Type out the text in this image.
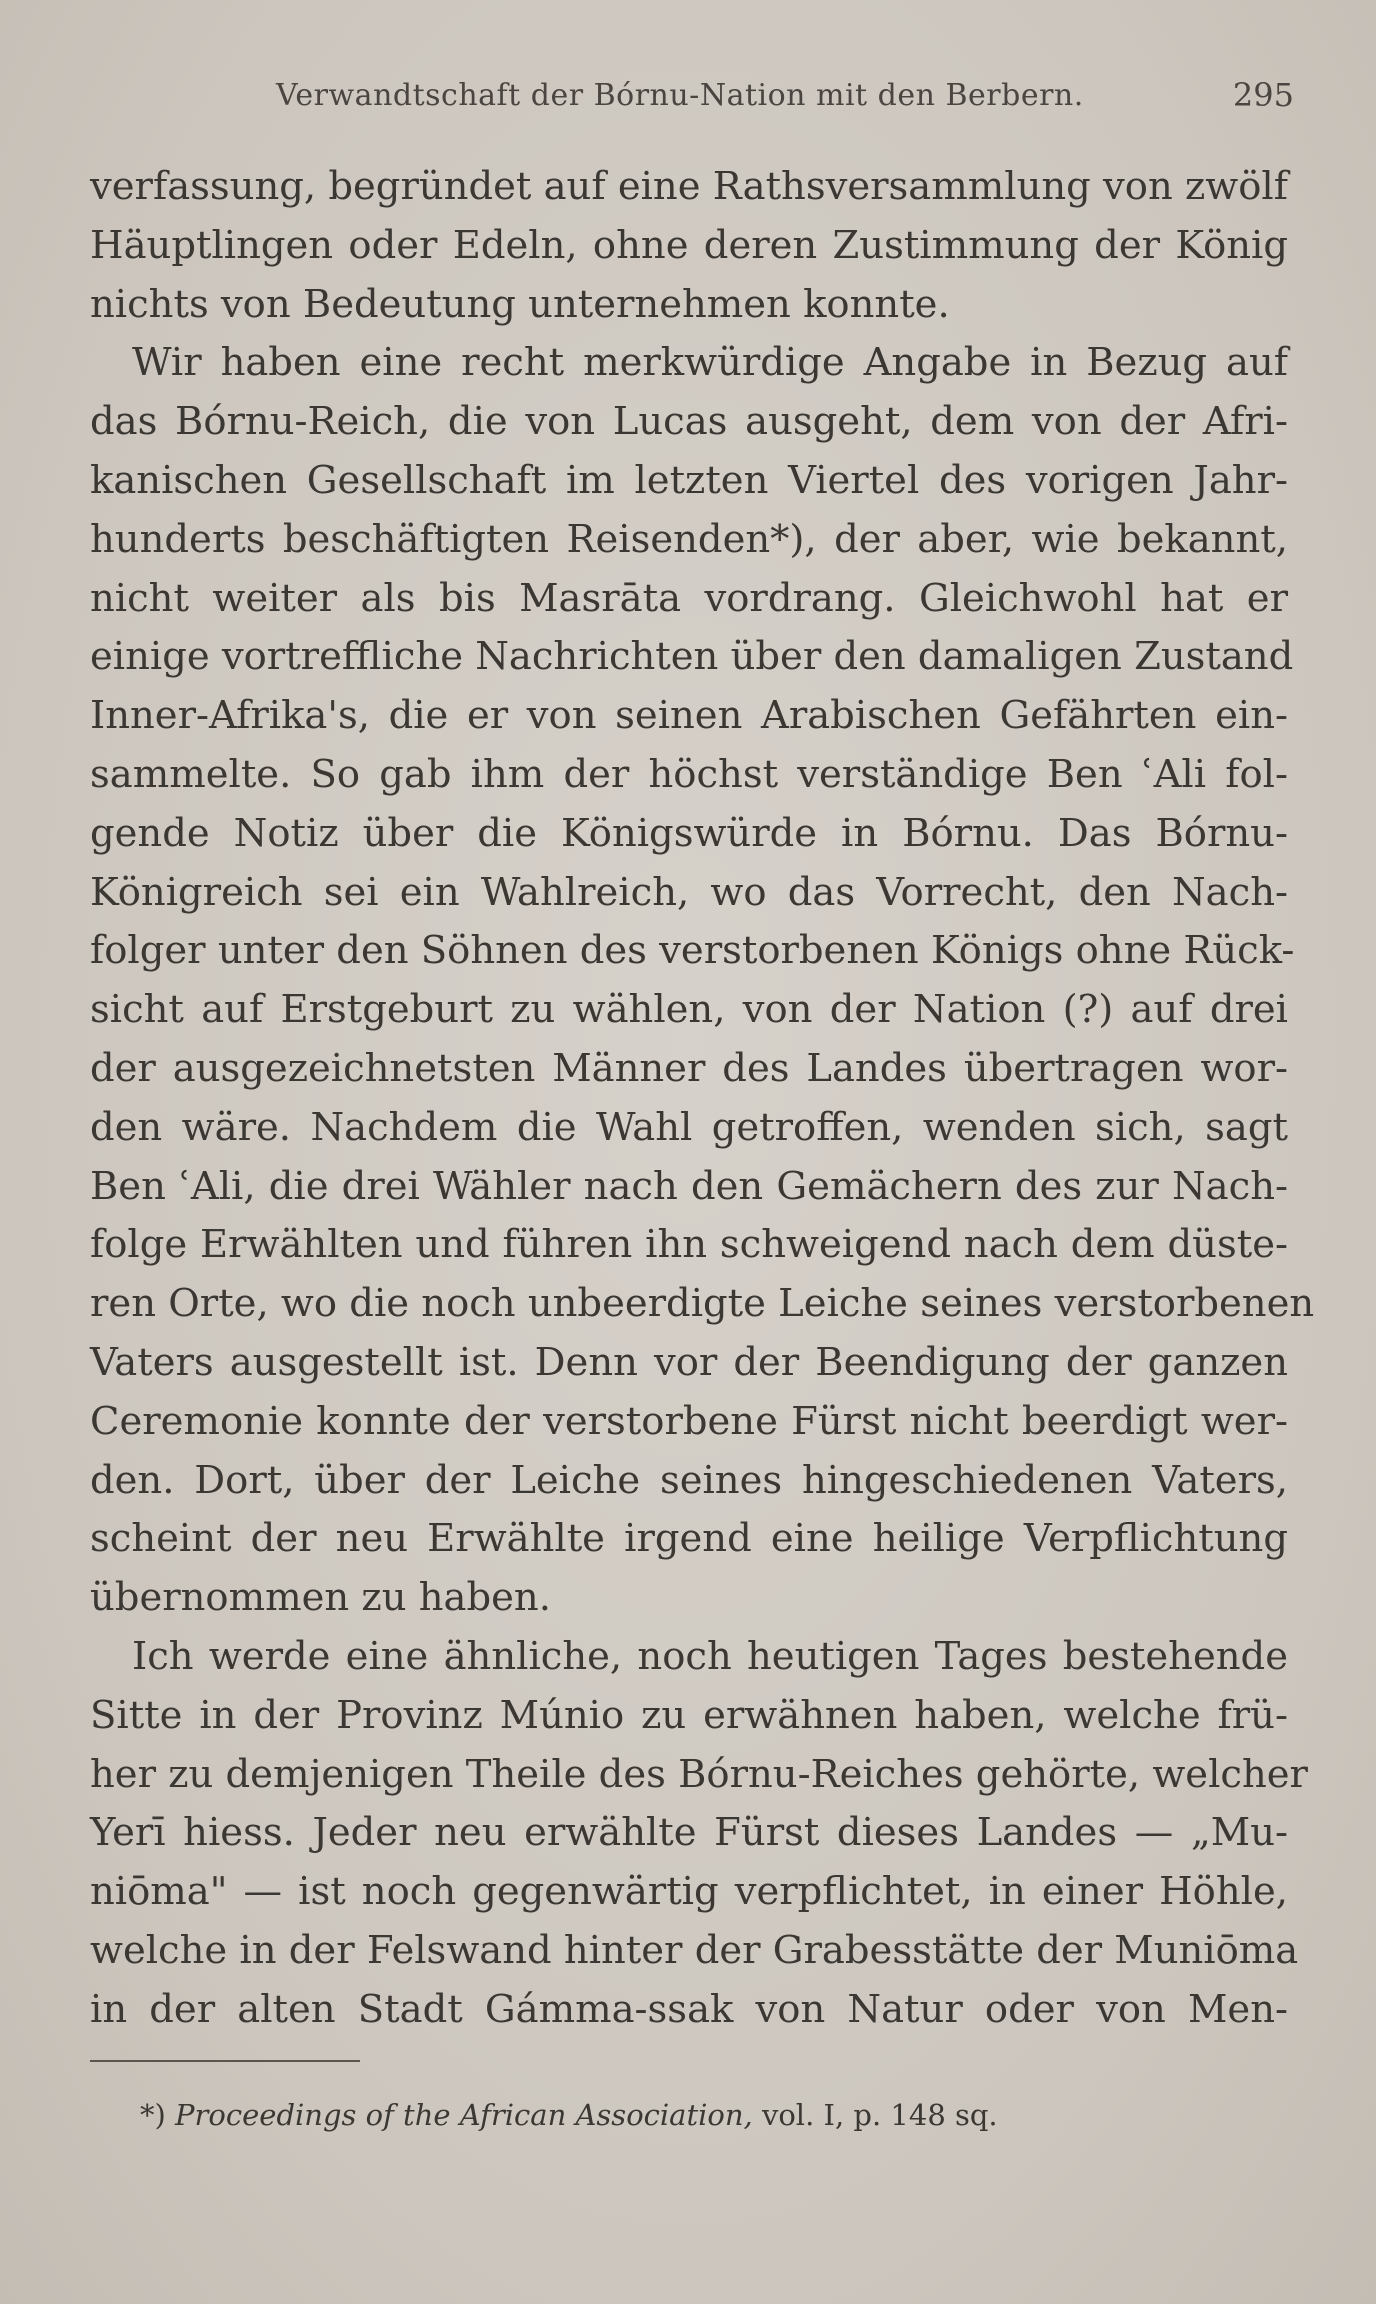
Verwandtschaft der Bórnu-Nation mit den Berbern.	295
verfassung, begründet auf eine Rathsversammlung von zwölf
Häuptlingen oder Edeln, ohne deren Zustimmung der König
nichts von Bedeutung unternehmen konnte.
Wir haben eine recht merkwürdige Angabe in Bezug auf
das Bórnu-Reich, die von Lucas ausgeht, dem von der Afri-
kanischen Gesellschaft im letzten Viertel des vorigen Jahr-
hunderts beschäftigten Reisenden*), der aber, wie bekannt,
nicht weiter als bis Masrāta vordrang. Gleichwohl hat er
einige vortreffliche Nachrichten über den damaligen Zustand
Inner-Afrika's, die er von seinen Arabischen Gefährten ein-
sammelte. So gab ihm der höchst verständige Ben ʿAli fol-
gende Notiz über die Königswürde in Bórnu. Das Bórnu-
Königreich sei ein Wahlreich, wo das Vorrecht, den Nach-
folger unter den Söhnen des verstorbenen Königs ohne Rück-
sicht auf Erstgeburt zu wählen, von der Nation (?) auf drei
der ausgezeichnetsten Männer des Landes übertragen wor-
den wäre. Nachdem die Wahl getroffen, wenden sich, sagt
Ben ʿAli, die drei Wähler nach den Gemächern des zur Nach-
folge Erwählten und führen ihn schweigend nach dem düste-
ren Orte, wo die noch unbeerdigte Leiche seines verstorbenen
Vaters ausgestellt ist. Denn vor der Beendigung der ganzen
Ceremonie konnte der verstorbene Fürst nicht beerdigt wer-
den. Dort, über der Leiche seines hingeschiedenen Vaters,
scheint der neu Erwählte irgend eine heilige Verpflichtung
übernommen zu haben.
Ich werde eine ähnliche, noch heutigen Tages bestehende
Sitte in der Provinz Múnio zu erwähnen haben, welche frü-
her zu demjenigen Theile des Bórnu-Reiches gehörte, welcher
Yerī hiess. Jeder neu erwählte Fürst dieses Landes — „Mu-
niōma" — ist noch gegenwärtig verpflichtet, in einer Höhle,
welche in der Felswand hinter der Grabesstätte der Muniōma
in der alten Stadt Gámma-ssak von Natur oder von Men-
*) Proceedings of the African Association, vol. I, p. 148 sq.
